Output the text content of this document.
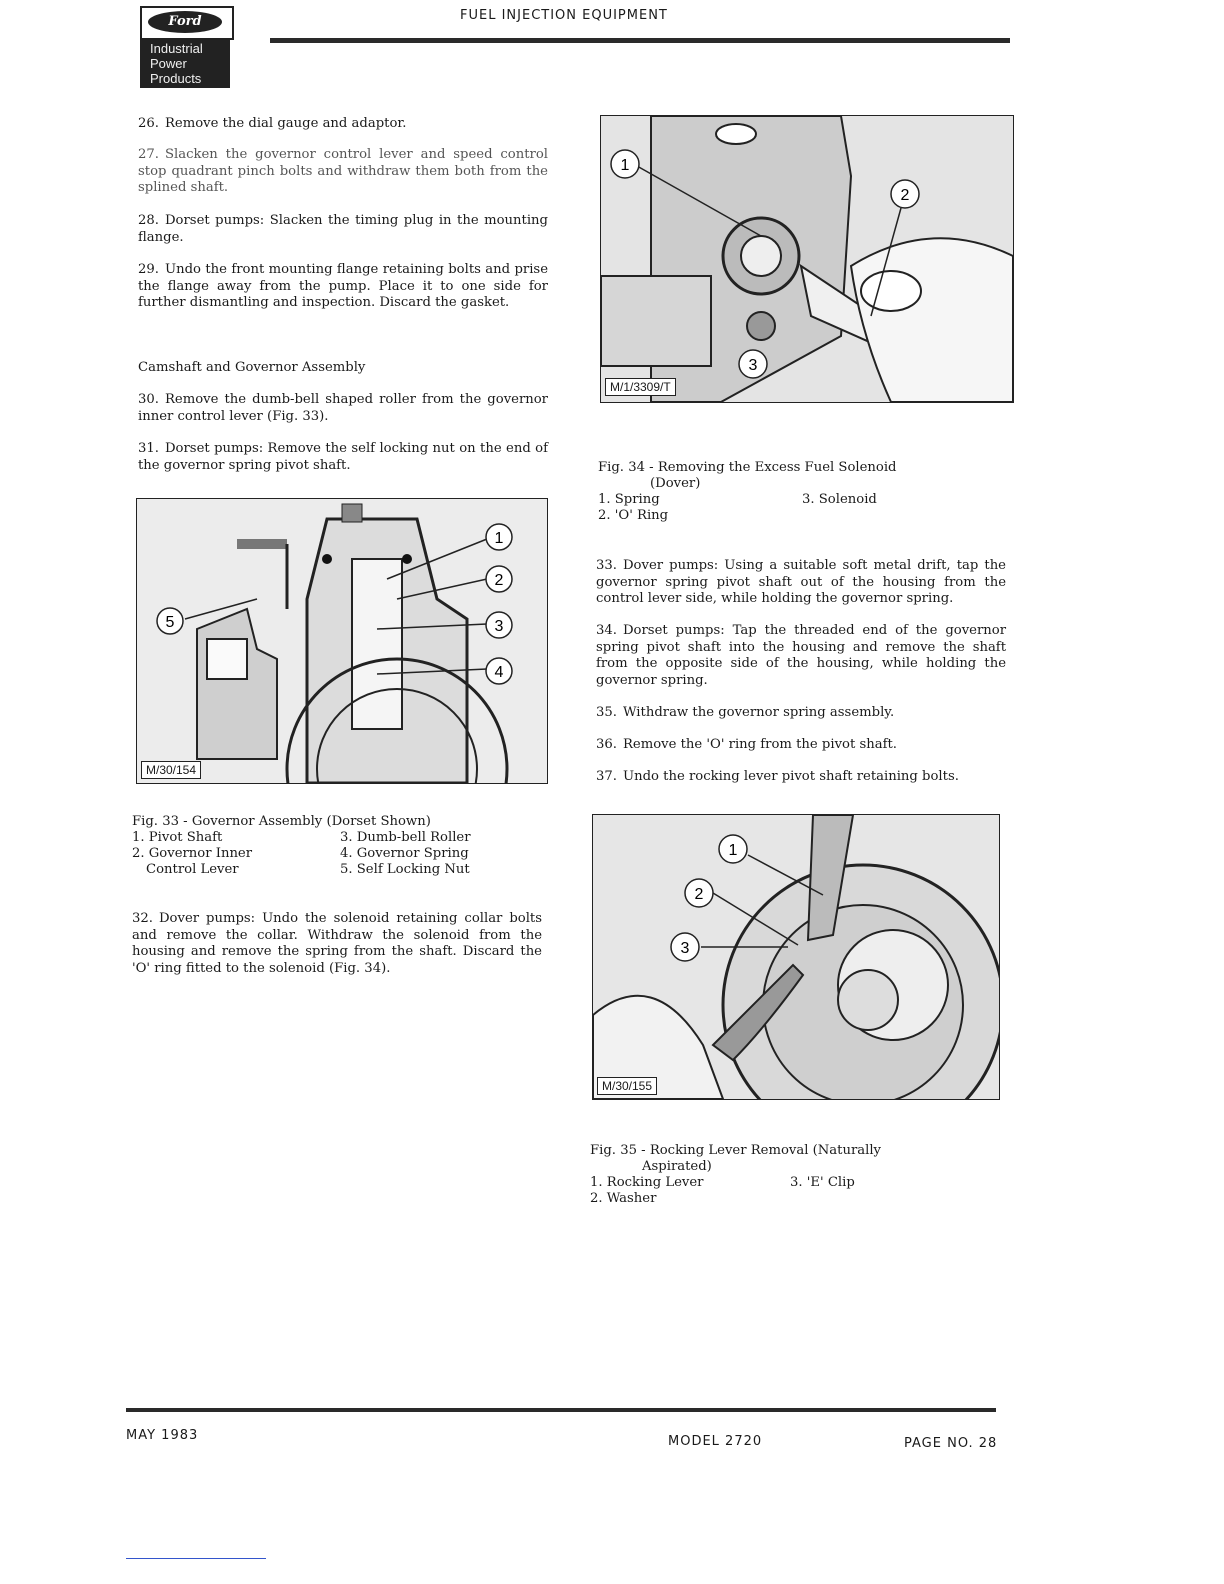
Ford
Industrial
Power
Products
FUEL INJECTION EQUIPMENT
26. Remove the dial gauge and adaptor.
27. Slacken the governor control lever and speed control stop quadrant pinch bolts and withdraw them both from the splined shaft.
28. Dorset pumps: Slacken the timing plug in the mounting flange.
29. Undo the front mounting flange retaining bolts and prise the flange away from the pump. Place it to one side for further dismantling and inspection. Discard the gasket.
Camshaft and Governor Assembly
30. Remove the dumb-bell shaped roller from the governor inner control lever (Fig. 33).
31. Dorset pumps: Remove the self locking nut on the end of the governor spring pivot shaft.
1
2
3
4
5
M/30/154
Fig. 33 - Governor Assembly (Dorset Shown)
1. Pivot Shaft	3. Dumb-bell Roller
2. Governor Inner	4. Governor Spring
Control Lever	5. Self Locking Nut
32. Dover pumps: Undo the solenoid retaining collar bolts and remove the collar. Withdraw the solenoid from the housing and remove the spring from the shaft. Discard the 'O' ring fitted to the solenoid (Fig. 34).
1
2
3
M/1/3309/T
Fig. 34 - Removing the Excess Fuel Solenoid
(Dover)
1. Spring	3. Solenoid
2. 'O' Ring
33. Dover pumps: Using a suitable soft metal drift, tap the governor spring pivot shaft out of the housing from the control lever side, while holding the governor spring.
34. Dorset pumps: Tap the threaded end of the governor spring pivot shaft into the housing and remove the shaft from the opposite side of the housing, while holding the governor spring.
35. Withdraw the governor spring assembly.
36. Remove the 'O' ring from the pivot shaft.
37. Undo the rocking lever pivot shaft retaining bolts.
1
2
3
M/30/155
Fig. 35 - Rocking Lever Removal (Naturally
Aspirated)
1. Rocking Lever	3. 'E' Clip
2. Washer
MAY 1983	MODEL 2720	PAGE NO. 28
